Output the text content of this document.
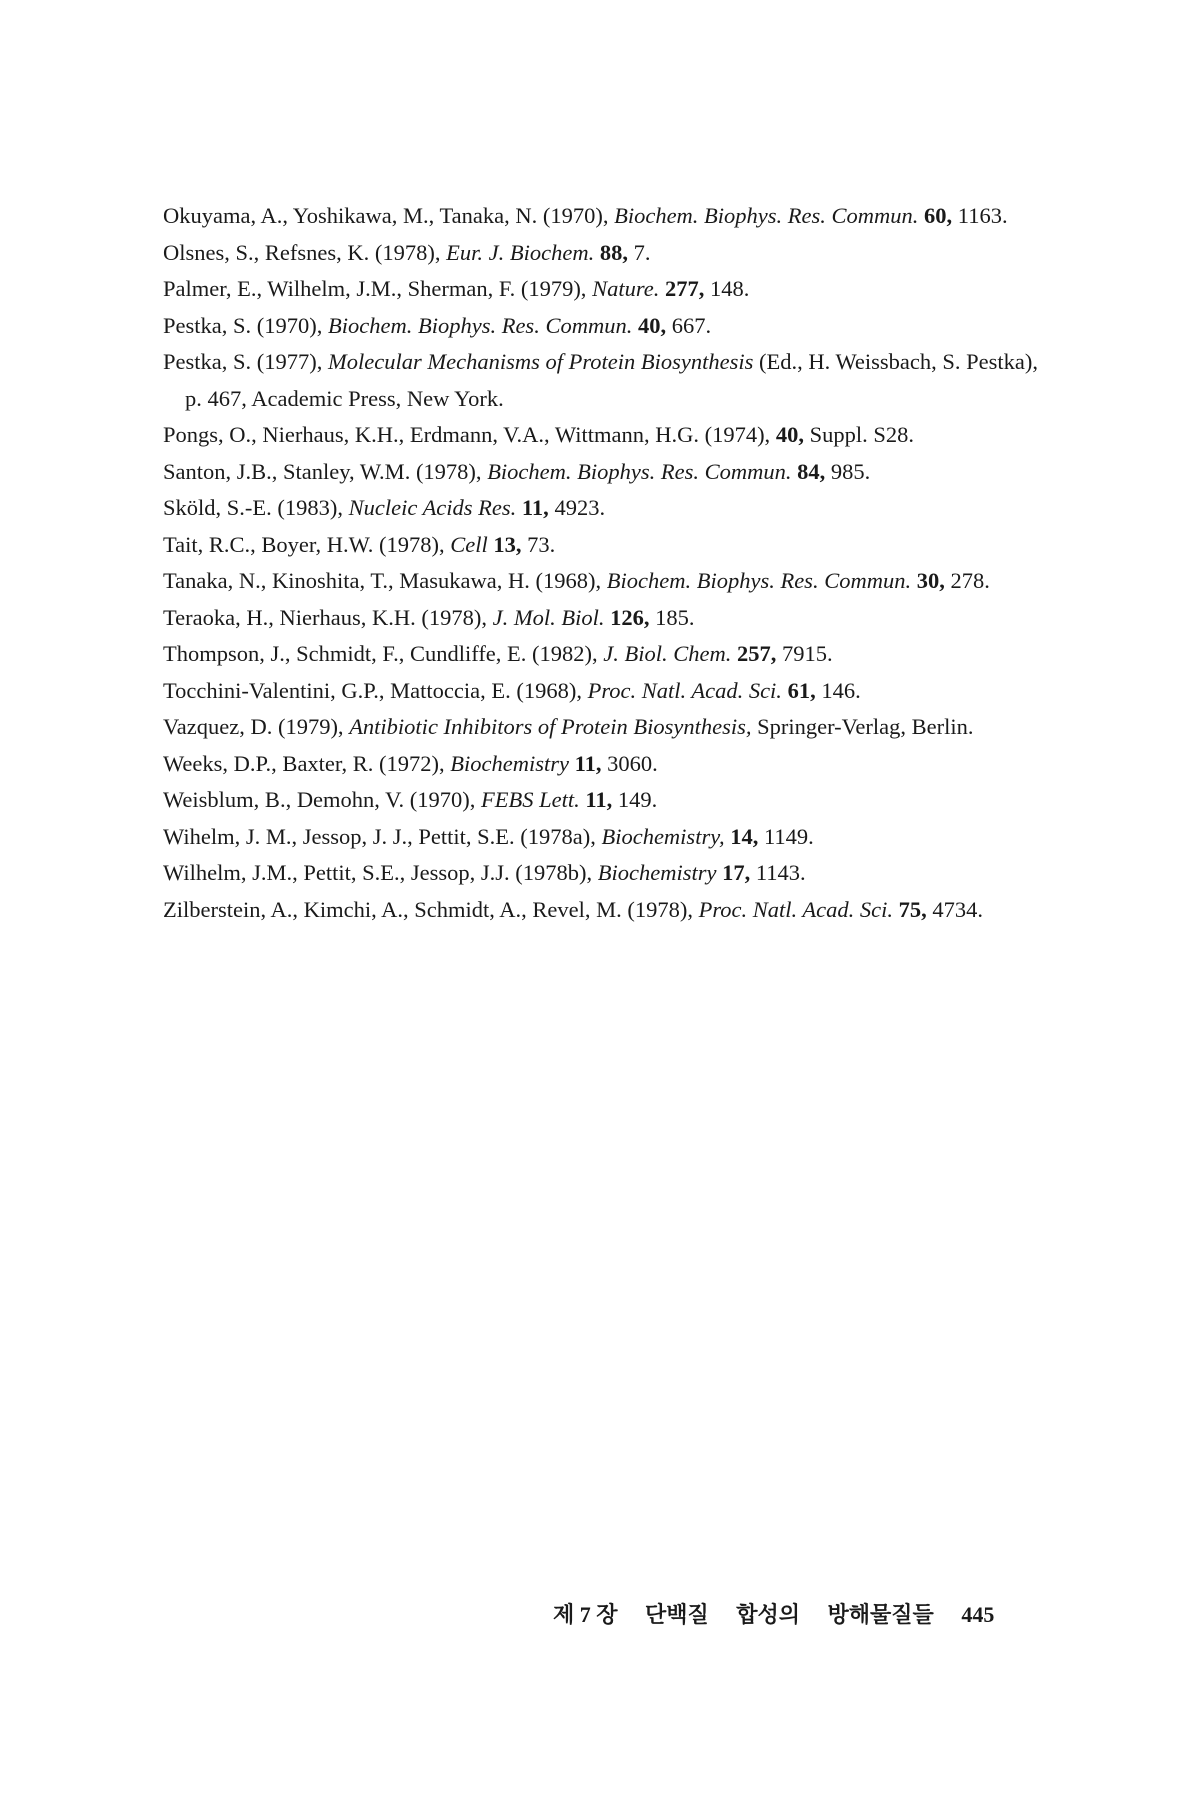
Okuyama, A., Yoshikawa, M., Tanaka, N. (1970), Biochem. Biophys. Res. Commun. 60, 1163.
Olsnes, S., Refsnes, K. (1978), Eur. J. Biochem. 88, 7.
Palmer, E., Wilhelm, J.M., Sherman, F. (1979), Nature. 277, 148.
Pestka, S. (1970), Biochem. Biophys. Res. Commun. 40, 667.
Pestka, S. (1977), Molecular Mechanisms of Protein Biosynthesis (Ed., H. Weissbach, S. Pestka), p. 467, Academic Press, New York.
Pongs, O., Nierhaus, K.H., Erdmann, V.A., Wittmann, H.G. (1974), 40, Suppl. S28.
Santon, J.B., Stanley, W.M. (1978), Biochem. Biophys. Res. Commun. 84, 985.
Sköld, S.-E. (1983), Nucleic Acids Res. 11, 4923.
Tait, R.C., Boyer, H.W. (1978), Cell 13, 73.
Tanaka, N., Kinoshita, T., Masukawa, H. (1968), Biochem. Biophys. Res. Commun. 30, 278.
Teraoka, H., Nierhaus, K.H. (1978), J. Mol. Biol. 126, 185.
Thompson, J., Schmidt, F., Cundliffe, E. (1982), J. Biol. Chem. 257, 7915.
Tocchini-Valentini, G.P., Mattoccia, E. (1968), Proc. Natl. Acad. Sci. 61, 146.
Vazquez, D. (1979), Antibiotic Inhibitors of Protein Biosynthesis, Springer-Verlag, Berlin.
Weeks, D.P., Baxter, R. (1972), Biochemistry 11, 3060.
Weisblum, B., Demohn, V. (1970), FEBS Lett. 11, 149.
Wihelm, J. M., Jessop, J. J., Pettit, S.E. (1978a), Biochemistry, 14, 1149.
Wilhelm, J.M., Pettit, S.E., Jessop, J.J. (1978b), Biochemistry 17, 1143.
Zilberstein, A., Kimchi, A., Schmidt, A., Revel, M. (1978), Proc. Natl. Acad. Sci. 75, 4734.
제 7 장 단백질 합성의 방해물질들 445
